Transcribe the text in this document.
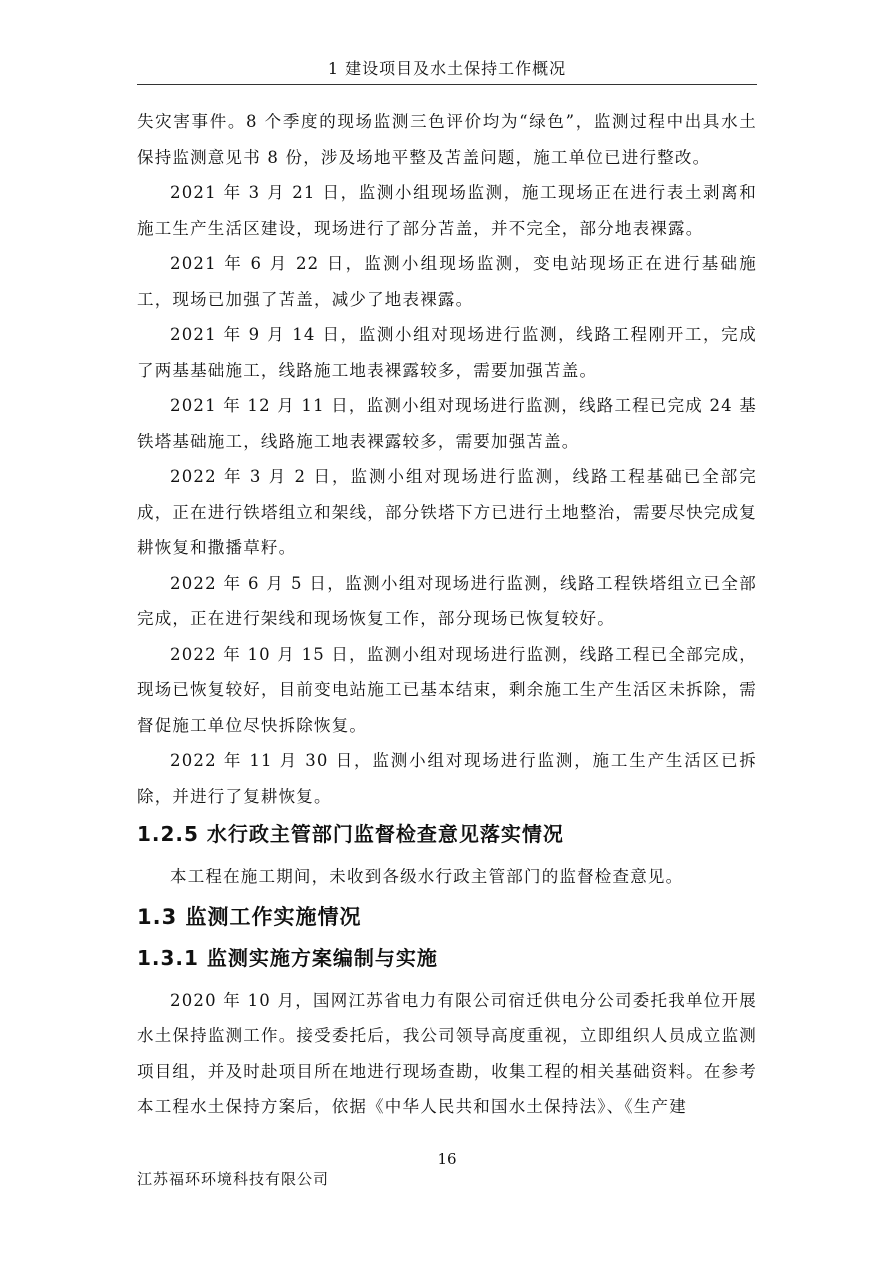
1 建设项目及水土保持工作概况

失灾害事件。8 个季度的现场监测三色评价均为“绿色”，监测过程中出具水土保持监测意见书 8 份，涉及场地平整及苫盖问题，施工单位已进行整改。

2021 年 3 月 21 日，监测小组现场监测，施工现场正在进行表土剥离和施工生产生活区建设，现场进行了部分苫盖，并不完全，部分地表裸露。

2021 年 6 月 22 日，监测小组现场监测，变电站现场正在进行基础施工，现场已加强了苫盖，减少了地表裸露。

2021 年 9 月 14 日，监测小组对现场进行监测，线路工程刚开工，完成了两基基础施工，线路施工地表裸露较多，需要加强苫盖。

2021 年 12 月 11 日，监测小组对现场进行监测，线路工程已完成 24 基铁塔基础施工，线路施工地表裸露较多，需要加强苫盖。

2022 年 3 月 2 日，监测小组对现场进行监测，线路工程基础已全部完成，正在进行铁塔组立和架线，部分铁塔下方已进行土地整治，需要尽快完成复耕恢复和撒播草籽。

2022 年 6 月 5 日，监测小组对现场进行监测，线路工程铁塔组立已全部完成，正在进行架线和现场恢复工作，部分现场已恢复较好。

2022 年 10 月 15 日，监测小组对现场进行监测，线路工程已全部完成，现场已恢复较好，目前变电站施工已基本结束，剩余施工生产生活区未拆除，需督促施工单位尽快拆除恢复。

2022 年 11 月 30 日，监测小组对现场进行监测，施工生产生活区已拆除，并进行了复耕恢复。

1.2.5 水行政主管部门监督检查意见落实情况

本工程在施工期间，未收到各级水行政主管部门的监督检查意见。

1.3 监测工作实施情况
1.3.1 监测实施方案编制与实施

2020 年 10 月，国网江苏省电力有限公司宿迁供电分公司委托我单位开展水土保持监测工作。接受委托后，我公司领导高度重视，立即组织人员成立监测项目组，并及时赴项目所在地进行现场查勘，收集工程的相关基础资料。在参考本工程水土保持方案后，依据《中华人民共和国水土保持法》、《生产建

16
江苏福环环境科技有限公司
